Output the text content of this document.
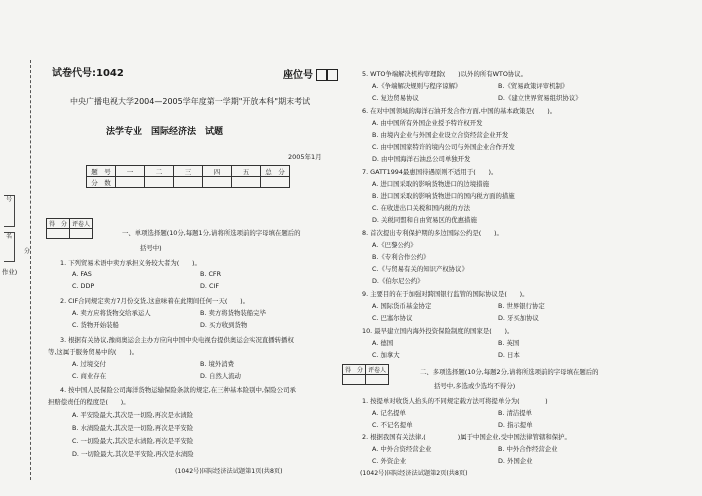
号
名
分
作业)
试卷代号:1042	座位号
中央广播电视大学2004—2005学年度第一学期"开放本科"期末考试
法学专业　国际经济法　试题
2005年1月
题　号	一	二	三	四	五	总　分
分　数						
得　分	评卷人

一、单项选择题(10分,每题1分,请将所选项前的字母填在题后的
括号中)
1. 下列贸易术语中卖方承担义务较大者为(　　)。
A. FAS	B. CFR
C. DDP	D. CIF
2. CIF合同规定卖方7月份交货,这意味着在此期间任何一天(　　)。
A. 卖方应将货物交给承运人	B. 卖方将货物装船完毕
C. 货物开始装船	D. 买方收到货物
3. 根据有关协议,豫商奥运会主办方应向中国中央电视台提供奥运会实况直播转播权
等,这属于服务贸易中的(　　)。
A. 过境交付	B. 境外消费
C. 商业存在	D. 自然人流动
4. 按中国人民保险公司海洋货物运输保险条款的规定,在三种基本险别中,保险公司承
担赔偿责任的程度是(　　)。
A. 平安险最大,其次是一切险,再次是水渍险
B. 水渍险最大,其次是一切险,再次是平安险
C. 一切险最大,其次是水渍险,再次是平安险
D. 一切险最大,其次是平安险,再次是水渍险
(1042号)国际经济法试题第1页(共8页)
5. WTO争端解决机构审理除(　　)以外的所有WTO协议。
A.《争端解决规则与程序谅解》	B.《贸易政策评审机制》
C. 复边贸易协议	D.《建立世界贸易组织协议》
6. 在对中国领域的海洋石油开发合作方面,中国的基本政策是(　　)。
A. 由中国所有外国企业授予特许权开发
B. 由境内企业与外国企业设立合资经营企业开发
C. 由中国国家特许的境内公司与外国企业合作开发
D. 由中国海洋石油总公司单独开发
7. GATT1994最惠国待遇原则不适用于(　　)。
A. 进口国采取的影响货物进口的边境措施
B. 进口国采取的影响货物进口的国内税方面的措施
C. 在收进出口关税和国内税的方法
D. 关税同盟和自由贸易区的优惠措施
8. 首次提出专利保护期的多边国际公约是(　　)。
A.《巴黎公约》
B.《专利合作公约》
C.《与贸易有关的知识产权协议》
D.《伯尔尼公约》
9. 主要目的在于加强对跨国银行监管的国际协议是(　　)。
A. 国际货币基金协定	B. 世界银行协定
C. 巴塞尔协议	D. 牙买加协议
10. 最早建立国内海外投资保险制度的国家是(　　)。
A. 德国	B. 英国
C. 加拿大	D. 日本
得　分	评卷人
		二、多项选择题(10分,每题2分,请将所选项前的字母填在题后的
括号中,多选或少选均不得分)
1. 按提单对收货人抬头的不同规定载方法可将提单分为(　　　　)
A. 记名提单	B. 清洁提单
C. 不记名提单	D. 指示提单
2. 根据我国有关法律,(　　　　　)属于中国企业,受中国法律管辖和保护。
A. 中外合资经营企业	B. 中外合作经营企业
C. 外资企业	D. 外国企业
(1042号)国际经济法试题第2页(共8页)
